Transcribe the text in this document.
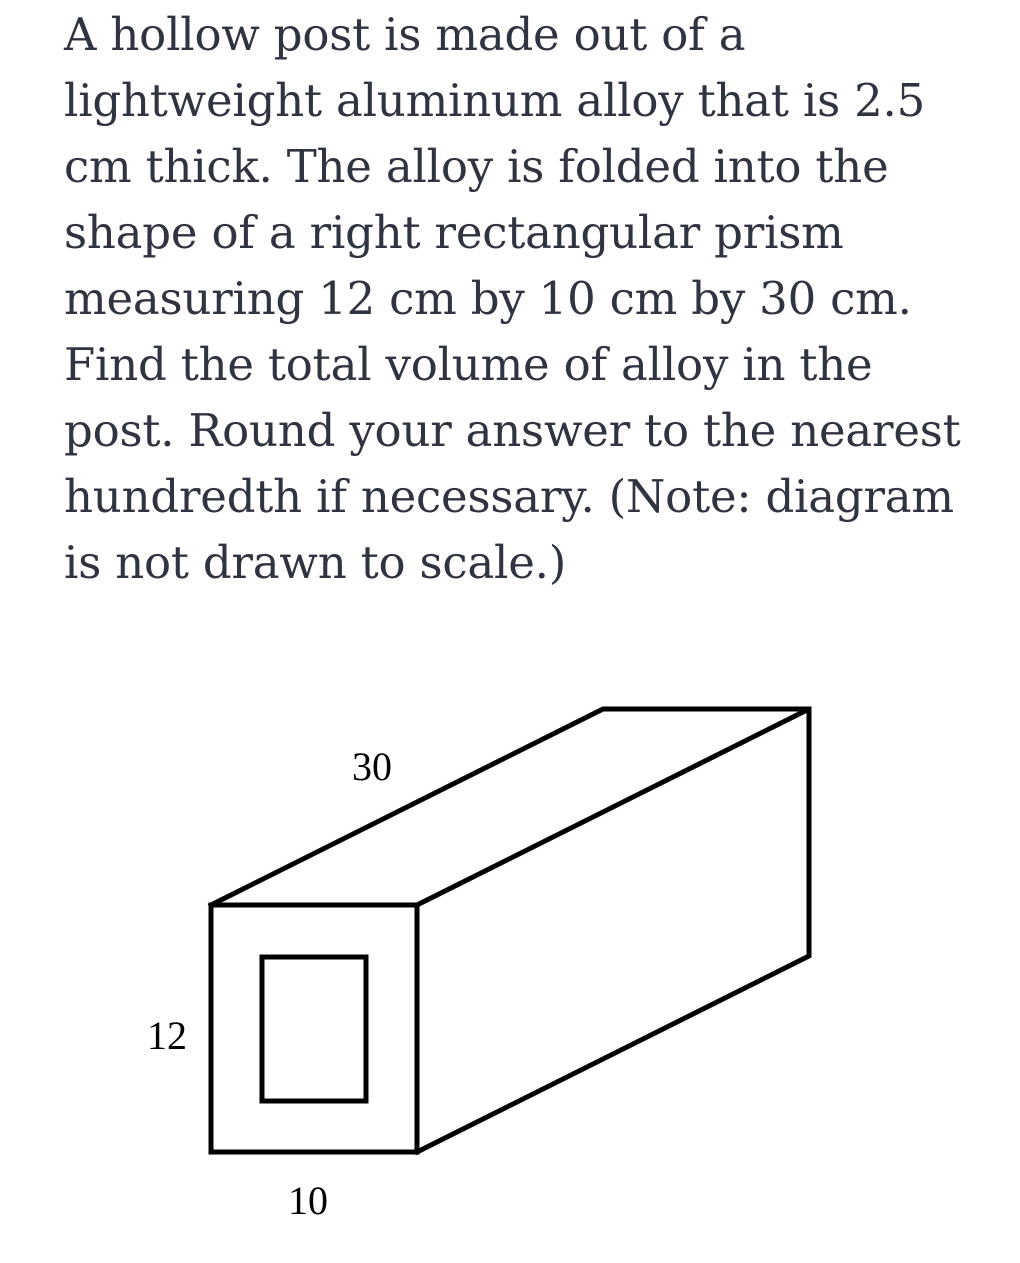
A hollow post is made out of a lightweight aluminum alloy that is 2.5 cm thick. The alloy is folded into the shape of a right rectangular prism measuring 12 cm by 10 cm by 30 cm. Find the total volume of alloy in the post. Round your answer to the nearest hundredth if necessary. (Note: diagram is not drawn to scale.)

30
12
10
